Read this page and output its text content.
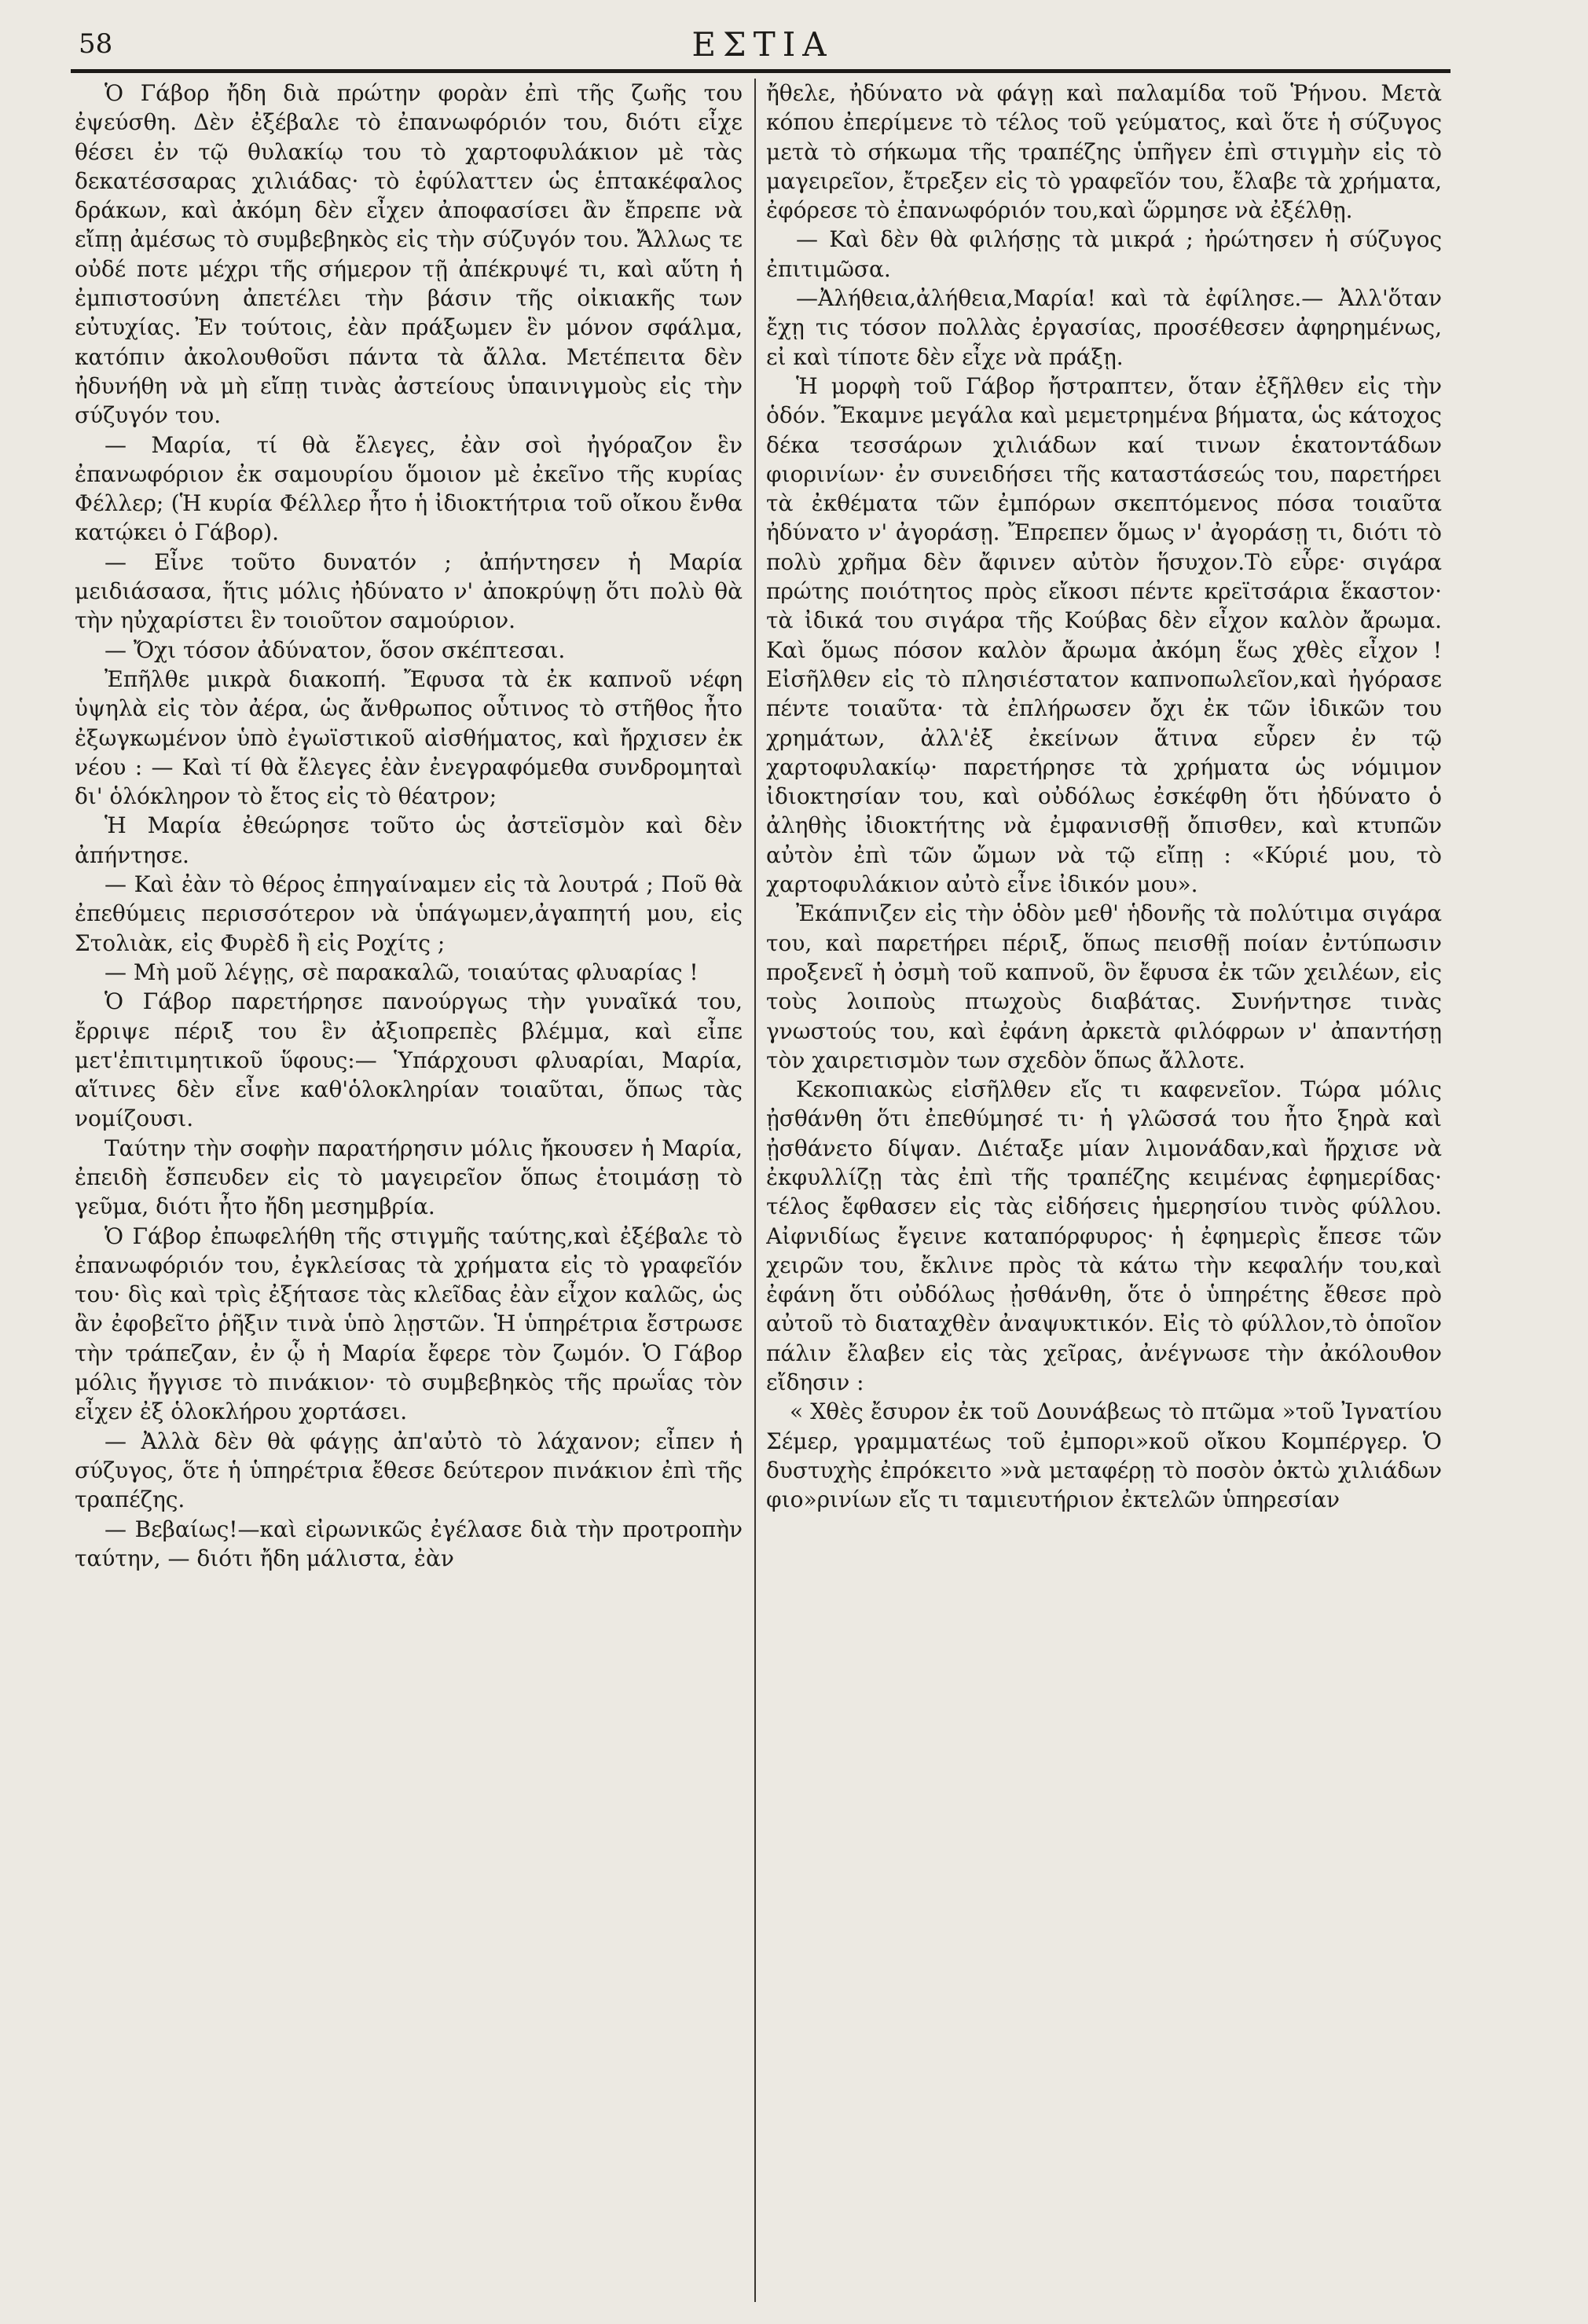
58	ΕΣΤΙΑ

Ὁ Γάβορ ἤδη διὰ πρώτην φορὰν ἐπὶ τῆς ζωῆς του ἐψεύσθη. Δὲν ἐξέβαλε τὸ ἐπανωφόριόν του, διότι εἶχε θέσει ἐν τῷ θυλακίῳ του τὸ χαρτοφυλάκιον μὲ τὰς δεκατέσσαρας χιλιάδας· τὸ ἐφύλαττεν ὡς ἑπτακέφαλος δράκων, καὶ ἀκόμη δὲν εἶχεν ἀποφασίσει ἂν ἔπρεπε νὰ εἴπῃ ἀμέσως τὸ συμβεβηκὸς εἰς τὴν σύζυγόν του. Ἄλλως τε οὐδέ ποτε μέχρι τῆς σήμερον τῇ ἀπέκρυψέ τι, καὶ αὕτη ἡ ἐμπιστοσύνη ἀπετέλει τὴν βάσιν τῆς οἰκιακῆς των εὐτυχίας. Ἐν τούτοις, ἐὰν πράξωμεν ἓν μόνον σφάλμα, κατόπιν ἀκολουθοῦσι πάντα τὰ ἄλλα. Μετέπειτα δὲν ἠδυνήθη νὰ μὴ εἴπῃ τινὰς ἀστείους ὑπαινιγμοὺς εἰς τὴν σύζυγόν του.

— Μαρία, τί θὰ ἔλεγες, ἐὰν σοὶ ἠγόραζον ἓν ἐπανωφόριον ἐκ σαμουρίου ὅμοιον μὲ ἐκεῖνο τῆς κυρίας Φέλλερ; (Ἡ κυρία Φέλλερ ἦτο ἡ ἰδιοκτήτρια τοῦ οἴκου ἔνθα κατῴκει ὁ Γάβορ).

— Εἶνε τοῦτο δυνατόν ; ἀπήντησεν ἡ Μαρία μειδιάσασα, ἥτις μόλις ἠδύνατο ν' ἀποκρύψῃ ὅτι πολὺ θὰ τὴν ηὐχαρίστει ἓν τοιοῦτον σαμούριον.

— Ὄχι τόσον ἀδύνατον, ὅσον σκέπτεσαι.

Ἐπῆλθε μικρὰ διακοπή. Ἔφυσα τὰ ἐκ καπνοῦ νέφη ὑψηλὰ εἰς τὸν ἀέρα, ὡς ἄνθρωπος οὗτινος τὸ στῆθος ἦτο ἐξωγκωμένον ὑπὸ ἐγωϊστικοῦ αἰσθήματος, καὶ ἤρχισεν ἐκ νέου : — Καὶ τί θὰ ἔλεγες ἐὰν ἐνεγραφόμεθα συνδρομηταὶ δι' ὁλόκληρον τὸ ἔτος εἰς τὸ θέατρον;

Ἡ Μαρία ἐθεώρησε τοῦτο ὡς ἀστεϊσμὸν καὶ δὲν ἀπήντησε.

— Καὶ ἐὰν τὸ θέρος ἐπηγαίναμεν εἰς τὰ λουτρά ; Ποῦ θὰ ἐπεθύμεις περισσότερον νὰ ὑπάγωμεν,ἀγαπητή μου, εἰς Στολιὰκ, εἰς Φυρὲδ ἢ εἰς Ροχίτς ;

— Μὴ μοῦ λέγῃς, σὲ παρακαλῶ, τοιαύτας φλυαρίας !

Ὁ Γάβορ παρετήρησε πανούργως τὴν γυναῖκά του, ἔρριψε πέριξ του ἓν ἀξιοπρεπὲς βλέμμα, καὶ εἶπε μετ'ἐπιτιμητικοῦ ὕφους:— Ὑπάρχουσι φλυαρίαι, Μαρία, αἵτινες δὲν εἶνε καθ'ὁλοκληρίαν τοιαῦται, ὅπως τὰς νομίζουσι.

Ταύτην τὴν σοφὴν παρατήρησιν μόλις ἤκουσεν ἡ Μαρία, ἐπειδὴ ἔσπευδεν εἰς τὸ μαγειρεῖον ὅπως ἑτοιμάσῃ τὸ γεῦμα, διότι ἦτο ἤδη μεσημβρία.

Ὁ Γάβορ ἐπωφελήθη τῆς στιγμῆς ταύτης,καὶ ἐξέβαλε τὸ ἐπανωφόριόν του, ἐγκλείσας τὰ χρήματα εἰς τὸ γραφεῖόν του· δὶς καὶ τρὶς ἐξήτασε τὰς κλεῖδας ἐὰν εἶχον καλῶς, ὡς ἂν ἐφοβεῖτο ῥῆξιν τινὰ ὑπὸ λῃστῶν. Ἡ ὑπηρέτρια ἔστρωσε τὴν τράπεζαν, ἐν ᾧ ἡ Μαρία ἔφερε τὸν ζωμόν. Ὁ Γάβορ μόλις ἤγγισε τὸ πινάκιον· τὸ συμβεβηκὸς τῆς πρωΐας τὸν εἶχεν ἐξ ὁλοκλήρου χορτάσει.

— Ἀλλὰ δὲν θὰ φάγῃς ἀπ'αὐτὸ τὸ λάχανον; εἶπεν ἡ σύζυγος, ὅτε ἡ ὑπηρέτρια ἔθεσε δεύτερον πινάκιον ἐπὶ τῆς τραπέζης.

— Βεβαίως!—καὶ εἰρωνικῶς ἐγέλασε διὰ τὴν προτροπὴν ταύτην, — διότι ἤδη μάλιστα, ἐὰν

ἤθελε, ἠδύνατο νὰ φάγῃ καὶ παλαμίδα τοῦ Ῥήνου. Μετὰ κόπου ἐπερίμενε τὸ τέλος τοῦ γεύματος, καὶ ὅτε ἡ σύζυγος μετὰ τὸ σήκωμα τῆς τραπέζης ὑπῆγεν ἐπὶ στιγμὴν εἰς τὸ μαγειρεῖον, ἔτρεξεν εἰς τὸ γραφεῖόν του, ἔλαβε τὰ χρήματα, ἐφόρεσε τὸ ἐπανωφόριόν του,καὶ ὥρμησε νὰ ἐξέλθῃ.

— Καὶ δὲν θὰ φιλήσῃς τὰ μικρά ; ἠρώτησεν ἡ σύζυγος ἐπιτιμῶσα.

—Ἀλήθεια,ἀλήθεια,Μαρία! καὶ τὰ ἐφίλησε.— Ἀλλ'ὅταν ἔχῃ τις τόσον πολλὰς ἐργασίας, προσέθεσεν ἀφηρημένως, εἰ καὶ τίποτε δὲν εἶχε νὰ πράξῃ.

Ἡ μορφὴ τοῦ Γάβορ ἤστραπτεν, ὅταν ἐξῆλθεν εἰς τὴν ὁδόν. Ἔκαμνε μεγάλα καὶ μεμετρημένα βήματα, ὡς κάτοχος δέκα τεσσάρων χιλιάδων καί τινων ἑκατοντάδων φιορινίων· ἐν συνειδήσει τῆς καταστάσεώς του, παρετήρει τὰ ἐκθέματα τῶν ἐμπόρων σκεπτόμενος πόσα τοιαῦτα ἠδύνατο ν' ἀγοράσῃ. Ἔπρεπεν ὅμως ν' ἀγοράσῃ τι, διότι τὸ πολὺ χρῆμα δὲν ἄφινεν αὐτὸν ἥσυχον.Τὸ εὗρε· σιγάρα πρώτης ποιότητος πρὸς εἴκοσι πέντε κρεϊτσάρια ἕκαστον· τὰ ἰδικά του σιγάρα τῆς Κούβας δὲν εἶχον καλὸν ἄρωμα. Καὶ ὅμως πόσον καλὸν ἄρωμα ἀκόμη ἕως χθὲς εἶχον ! Εἰσῆλθεν εἰς τὸ πλησιέστατον καπνοπωλεῖον,καὶ ἠγόρασε πέντε τοιαῦτα· τὰ ἐπλήρωσεν ὄχι ἐκ τῶν ἰδικῶν του χρημάτων, ἀλλ'ἐξ ἐκείνων ἅτινα εὗρεν ἐν τῷ χαρτοφυλακίῳ· παρετήρησε τὰ χρήματα ὡς νόμιμον ἰδιοκτησίαν του, καὶ οὐδόλως ἐσκέφθη ὅτι ἠδύνατο ὁ ἀληθὴς ἰδιοκτήτης νὰ ἐμφανισθῇ ὄπισθεν, καὶ κτυπῶν αὐτὸν ἐπὶ τῶν ὤμων νὰ τῷ εἴπῃ : «Κύριέ μου, τὸ χαρτοφυλάκιον αὐτὸ εἶνε ἰδικόν μου».

Ἐκάπνιζεν εἰς τὴν ὁδὸν μεθ' ἡδονῆς τὰ πολύτιμα σιγάρα του, καὶ παρετήρει πέριξ, ὅπως πεισθῇ ποίαν ἐντύπωσιν προξενεῖ ἡ ὀσμὴ τοῦ καπνοῦ, ὃν ἔφυσα ἐκ τῶν χειλέων, εἰς τοὺς λοιποὺς πτωχοὺς διαβάτας. Συνήντησε τινὰς γνωστούς του, καὶ ἐφάνη ἀρκετὰ φιλόφρων ν' ἀπαντήσῃ τὸν χαιρετισμὸν των σχεδὸν ὅπως ἄλλοτε.

Κεκοπιακὼς εἰσῆλθεν εἴς τι καφενεῖον. Τώρα μόλις ᾐσθάνθη ὅτι ἐπεθύμησέ τι· ἡ γλῶσσά του ἦτο ξηρὰ καὶ ᾐσθάνετο δίψαν. Διέταξε μίαν λιμονάδαν,καὶ ἤρχισε νὰ ἐκφυλλίζῃ τὰς ἐπὶ τῆς τραπέζης κειμένας ἐφημερίδας· τέλος ἔφθασεν εἰς τὰς εἰδήσεις ἡμερησίου τινὸς φύλλου. Αἰφνιδίως ἔγεινε καταπόρφυρος· ἡ ἐφημερὶς ἔπεσε τῶν χειρῶν του, ἔκλινε πρὸς τὰ κάτω τὴν κεφαλήν του,καὶ ἐφάνη ὅτι οὐδόλως ᾐσθάνθη, ὅτε ὁ ὑπηρέτης ἔθεσε πρὸ αὐτοῦ τὸ διαταχθὲν ἀναψυκτικόν. Εἰς τὸ φύλλον,τὸ ὁποῖον πάλιν ἔλαβεν εἰς τὰς χεῖρας, ἀνέγνωσε τὴν ἀκόλουθον εἴδησιν :

« Χθὲς ἔσυρον ἐκ τοῦ Δουνάβεως τὸ πτῶμα »τοῦ Ἰγνατίου Σέμερ, γραμματέως τοῦ ἐμπορι»κοῦ οἴκου Κομπέργερ. Ὁ δυστυχὴς ἐπρόκειτο »νὰ μεταφέρῃ τὸ ποσὸν ὀκτὼ χιλιάδων φιο»ρινίων εἴς τι ταμιευτήριον ἐκτελῶν ὑπηρεσίαν
